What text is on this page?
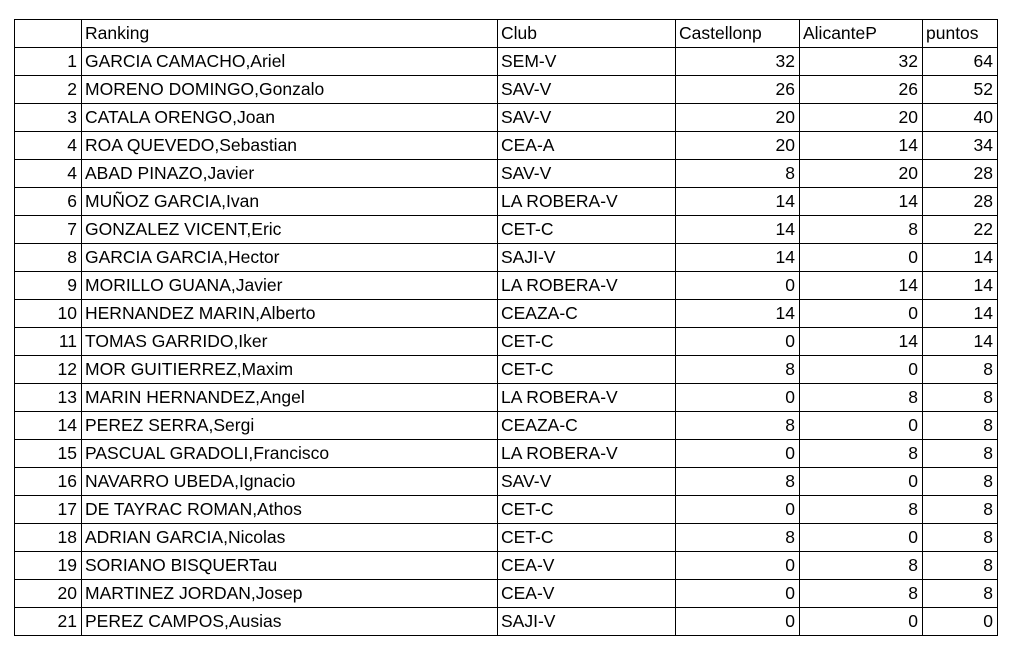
	Ranking	Club	Castellonp	AlicanteP	puntos
1	GARCIA CAMACHO,Ariel	SEM-V	32	32	64
2	MORENO DOMINGO,Gonzalo	SAV-V	26	26	52
3	CATALA ORENGO,Joan	SAV-V	20	20	40
4	ROA QUEVEDO,Sebastian	CEA-A	20	14	34
4	ABAD PINAZO,Javier	SAV-V	8	20	28
6	MUÑOZ GARCIA,Ivan	LA ROBERA-V	14	14	28
7	GONZALEZ VICENT,Eric	CET-C	14	8	22
8	GARCIA GARCIA,Hector	SAJI-V	14	0	14
9	MORILLO GUANA,Javier	LA ROBERA-V	0	14	14
10	HERNANDEZ MARIN,Alberto	CEAZA-C	14	0	14
11	TOMAS GARRIDO,Iker	CET-C	0	14	14
12	MOR GUITIERREZ,Maxim	CET-C	8	0	8
13	MARIN HERNANDEZ,Angel	LA ROBERA-V	0	8	8
14	PEREZ SERRA,Sergi	CEAZA-C	8	0	8
15	PASCUAL GRADOLI,Francisco	LA ROBERA-V	0	8	8
16	NAVARRO UBEDA,Ignacio	SAV-V	8	0	8
17	DE TAYRAC ROMAN,Athos	CET-C	0	8	8
18	ADRIAN GARCIA,Nicolas	CET-C	8	0	8
19	SORIANO BISQUERTau	CEA-V	0	8	8
20	MARTINEZ JORDAN,Josep	CEA-V	0	8	8
21	PEREZ CAMPOS,Ausias	SAJI-V	0	0	0
